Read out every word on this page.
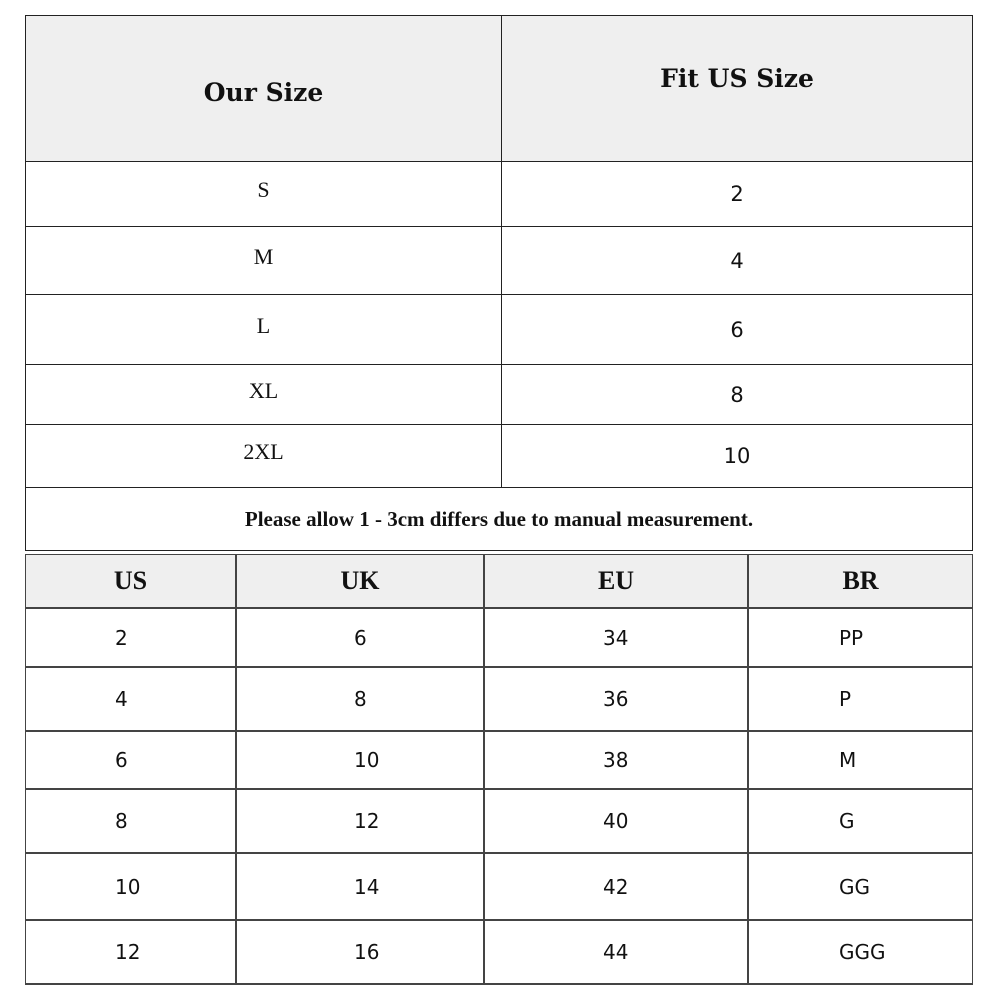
Our Size	Fit US Size
S	2
M	4
L	6
XL	8
2XL	10
Please allow 1 - 3cm differs due to manual measurement.
US	UK	EU	BR
2	6	34	PP
4	8	36	P
6	10	38	M
8	12	40	G
10	14	42	GG
12	16	44	GGG
